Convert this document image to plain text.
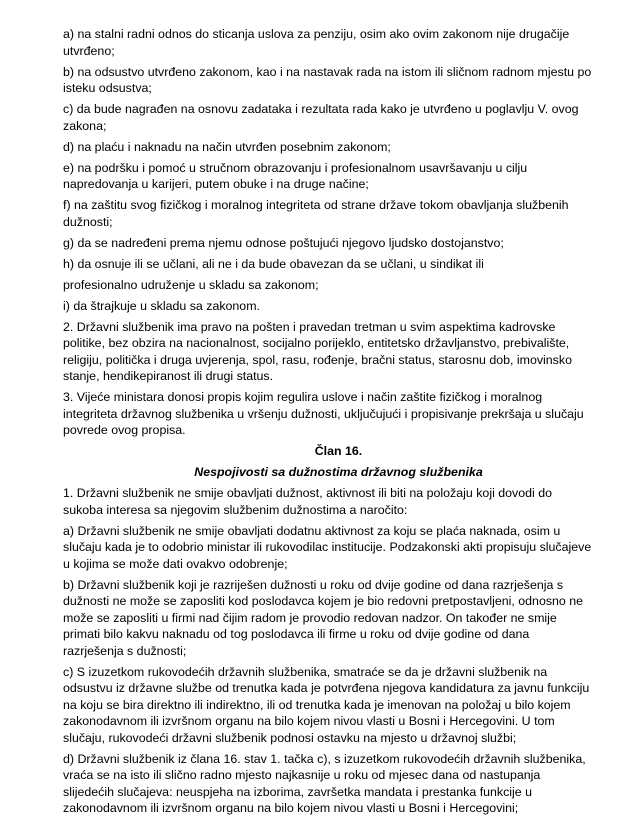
a) na stalni radni odnos do sticanja uslova za penziju, osim ako ovim zakonom nije drugačije
utvrđeno;

b) na odsustvo utvrđeno zakonom, kao i na nastavak rada na istom ili sličnom radnom mjestu po
isteku odsustva;

c) da bude nagrađen na osnovu zadataka i rezultata rada kako je utvrđeno u poglavlju V. ovog
zakona;

d) na plaću i naknadu na način utvrđen posebnim zakonom;

e) na podršku i pomoć u stručnom obrazovanju i profesionalnom usavršavanju u cilju
napredovanja u karijeri, putem obuke i na druge načine;

f) na zaštitu svog fizičkog i moralnog integriteta od strane države tokom obavljanja službenih
dužnosti;

g) da se nadređeni prema njemu odnose poštujući njegovo ljudsko dostojanstvo;

h) da osnuje ili se učlani, ali ne i da bude obavezan da se učlani, u sindikat ili

profesionalno udruženje u skladu sa zakonom;

i) da štrajkuje u skladu sa zakonom.

2. Državni službenik ima pravo na pošten i pravedan tretman u svim aspektima kadrovske
politike, bez obzira na nacionalnost, socijalno porijeklo, entitetsko državljanstvo, prebivalište,
religiju, politička i druga uvjerenja, spol, rasu, rođenje, bračni status, starosnu dob, imovinsko
stanje, hendikepiranost ili drugi status.

3. Vijeće ministara donosi propis kojim regulira uslove i način zaštite fizičkog i moralnog
integriteta državnog službenika u vršenju dužnosti, uključujući i propisivanje prekršaja u slučaju
povrede ovog propisa.

Član 16.
Nespojivosti sa dužnostima državnog službenika

1. Državni službenik ne smije obavljati dužnost, aktivnost ili biti na položaju koji dovodi do
sukoba interesa sa njegovim službenim dužnostima a naročito:

a) Državni službenik ne smije obavljati dodatnu aktivnost za koju se plaća naknada, osim u
slučaju kada je to odobrio ministar ili rukovodilac institucije. Podzakonski akti propisuju slučajeve
u kojima se može dati ovakvo odobrenje;

b) Državni službenik koji je razriješen dužnosti u roku od dvije godine od dana razrješenja s
dužnosti ne može se zaposliti kod poslodavca kojem je bio redovni pretpostavljeni, odnosno ne
može se zaposliti u firmi nad čijim radom je provodio redovan nadzor. On također ne smije
primati bilo kakvu naknadu od tog poslodavca ili firme u roku od dvije godine od dana
razrješenja s dužnosti;

c) S izuzetkom rukovodećih državnih službenika, smatraće se da je državni službenik na
odsustvu iz državne službe od trenutka kada je potvrđena njegova kandidatura za javnu funkciju
na koju se bira direktno ili indirektno, ili od trenutka kada je imenovan na položaj u bilo kojem
zakonodavnom ili izvršnom organu na bilo kojem nivou vlasti u Bosni i Hercegovini. U tom
slučaju, rukovodeći državni službenik podnosi ostavku na mjesto u državnoj službi;

d) Državni službenik iz člana 16. stav 1. tačka c), s izuzetkom rukovodećih državnih službenika,
vraća se na isto ili slično radno mjesto najkasnije u roku od mjesec dana od nastupanja
slijedećih slučajeva: neuspjeha na izborima, završetka mandata i prestanka funkcije u
zakonodavnom ili izvršnom organu na bilo kojem nivou vlasti u Bosni i Hercegovini;
